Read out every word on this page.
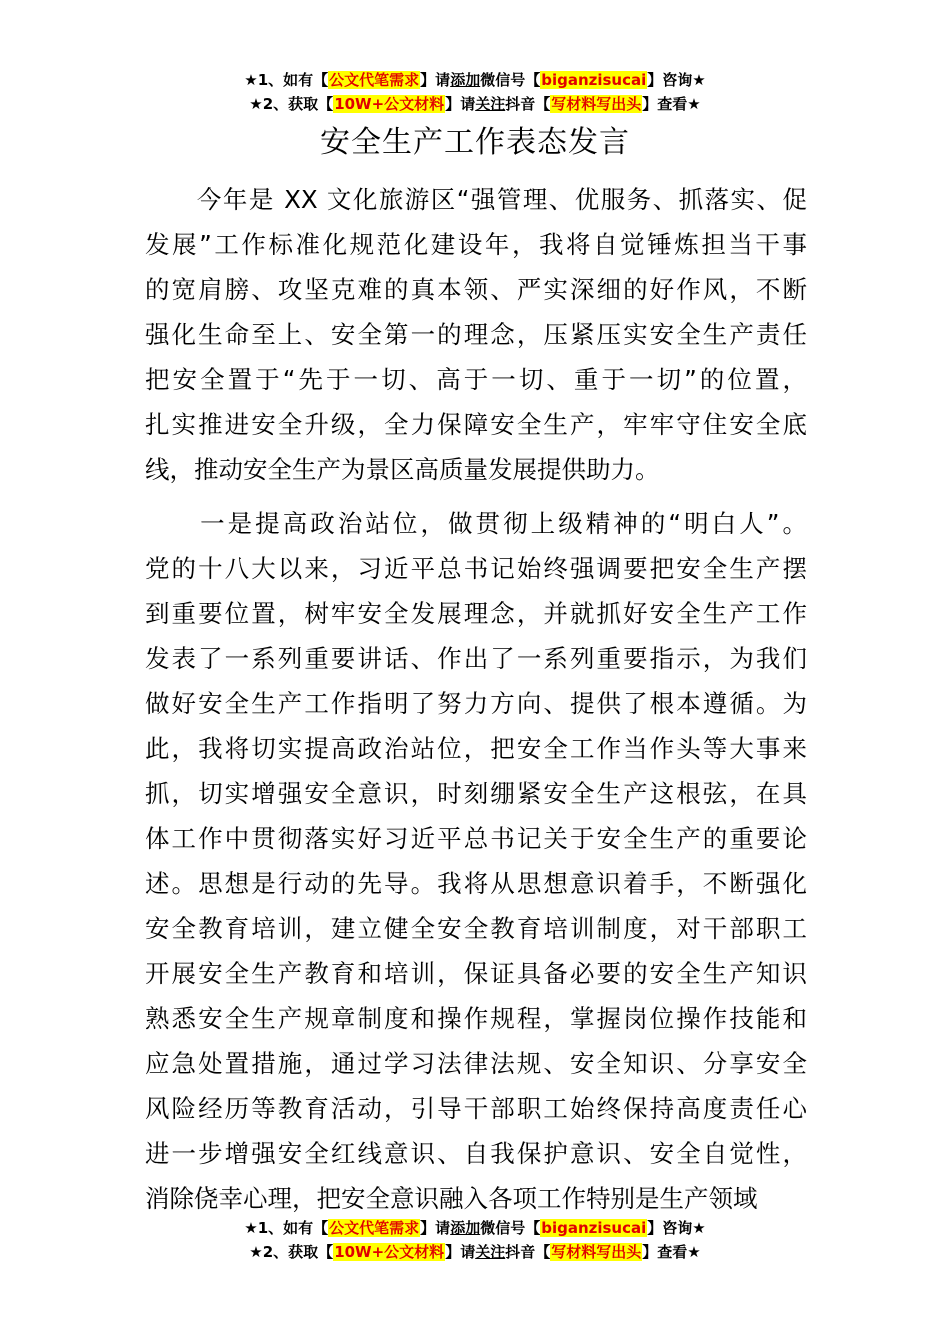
★1、如有【公文代笔需求】请添加微信号【biganzisucai】咨询★
★2、获取【10W+公文材料】请关注抖音【写材料写出头】查看★
安全生产工作表态发言
　　今年是 XX 文化旅游区“强管理、优服务、抓落实、促
发展”工作标准化规范化建设年，我将自觉锤炼担当干事
的宽肩膀、攻坚克难的真本领、严实深细的好作风，不断
强化生命至上、安全第一的理念，压紧压实安全生产责任
把安全置于“先于一切、高于一切、重于一切”的位置，
扎实推进安全升级，全力保障安全生产，牢牢守住安全底
线，推动安全生产为景区高质量发展提供助力。
　　一是提高政治站位，做贯彻上级精神的“明白人”。
党的十八大以来，习近平总书记始终强调要把安全生产摆
到重要位置，树牢安全发展理念，并就抓好安全生产工作
发表了一系列重要讲话、作出了一系列重要指示，为我们
做好安全生产工作指明了努力方向、提供了根本遵循。为
此，我将切实提高政治站位，把安全工作当作头等大事来
抓，切实增强安全意识，时刻绷紧安全生产这根弦，在具
体工作中贯彻落实好习近平总书记关于安全生产的重要论
述。思想是行动的先导。我将从思想意识着手，不断强化
安全教育培训，建立健全安全教育培训制度，对干部职工
开展安全生产教育和培训，保证具备必要的安全生产知识
熟悉安全生产规章制度和操作规程，掌握岗位操作技能和
应急处置措施，通过学习法律法规、安全知识、分享安全
风险经历等教育活动，引导干部职工始终保持高度责任心
进一步增强安全红线意识、自我保护意识、安全自觉性，
消除侥幸心理，把安全意识融入各项工作特别是生产领域
★1、如有【公文代笔需求】请添加微信号【biganzisucai】咨询★
★2、获取【10W+公文材料】请关注抖音【写材料写出头】查看★
